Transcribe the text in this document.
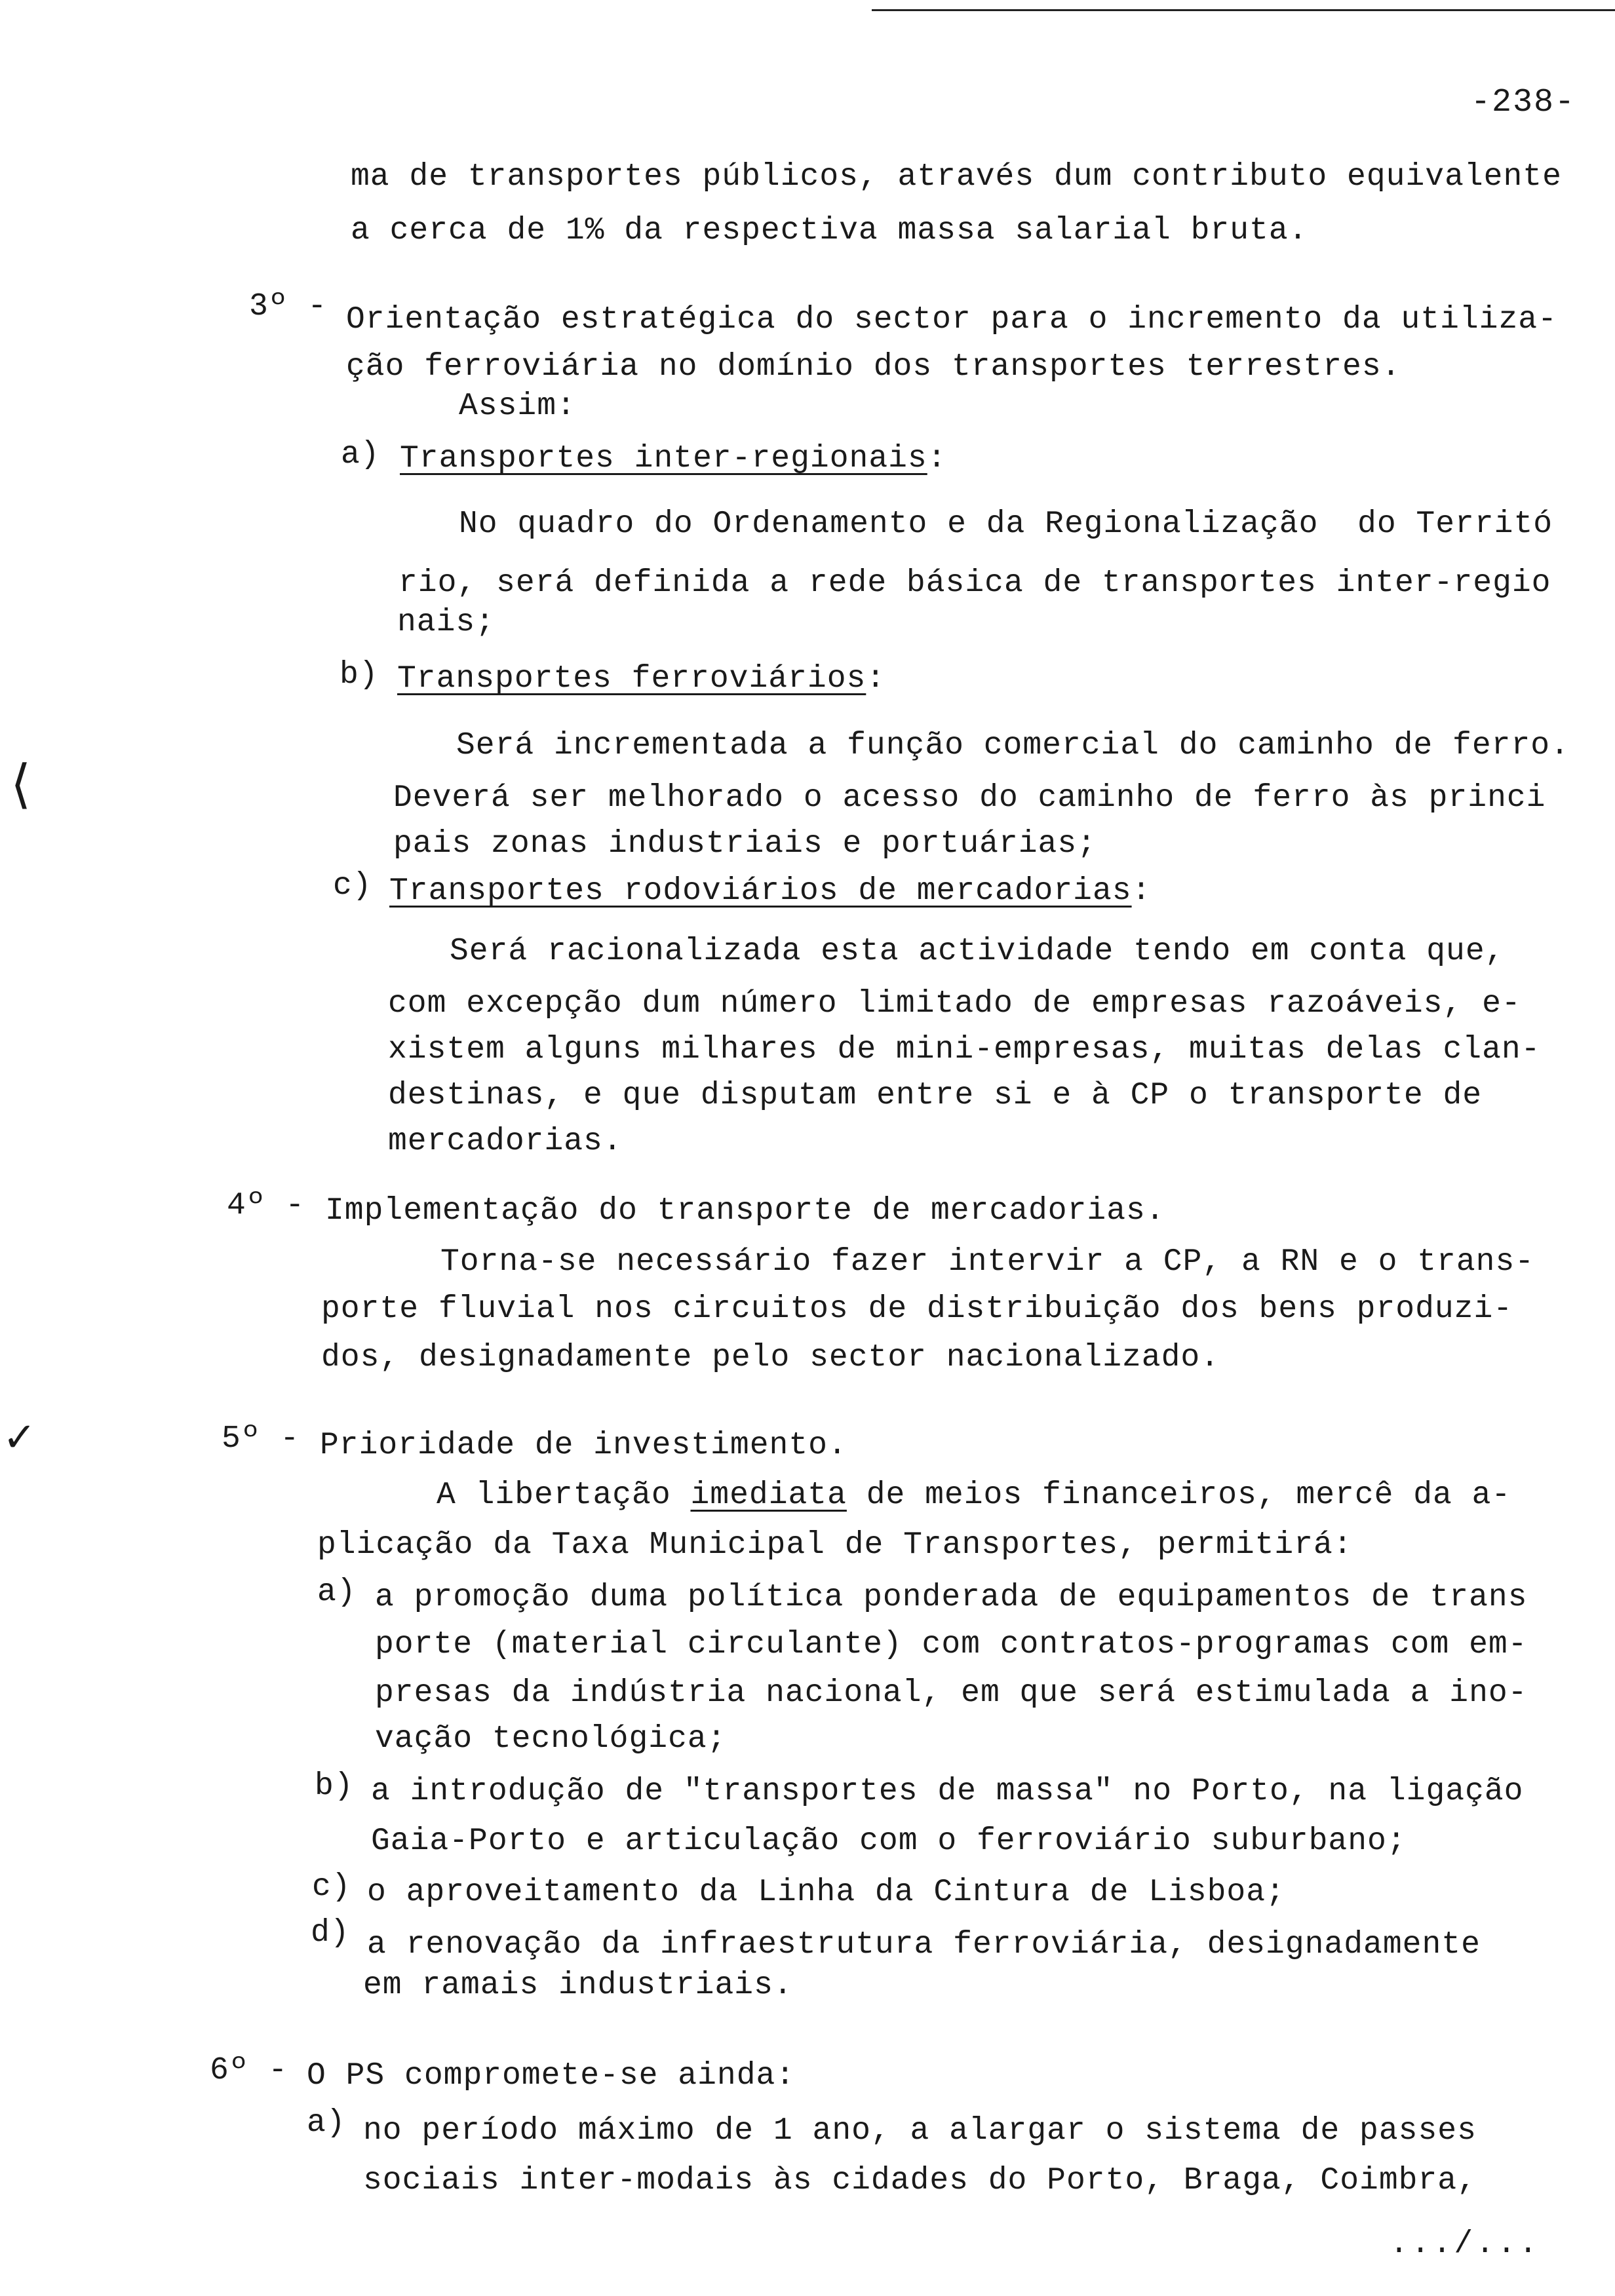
-238-
⟨
✓
ma de transportes públicos, através dum contributo equivalente
a cerca de 1% da respectiva massa salarial bruta.
3º - Orientação estratégica do sector para o incremento da utiliza-
ção ferroviária no domínio dos transportes terrestres.
Assim:
a) Transportes inter-regionais:
No quadro do Ordenamento e da Regionalização  do Territó
rio, será definida a rede básica de transportes inter-regio
nais;
b) Transportes ferroviários:
Será incrementada a função comercial do caminho de ferro.
Deverá ser melhorado o acesso do caminho de ferro às princi
pais zonas industriais e portuárias;
c) Transportes rodoviários de mercadorias:
Será racionalizada esta actividade tendo em conta que,
com excepção dum número limitado de empresas razoáveis, e-
xistem alguns milhares de mini-empresas, muitas delas clan-
destinas, e que disputam entre si e à CP o transporte de
mercadorias.
4º - Implementação do transporte de mercadorias.
Torna-se necessário fazer intervir a CP, a RN e o trans-
porte fluvial nos circuitos de distribuição dos bens produzi-
dos, designadamente pelo sector nacionalizado.
5º - Prioridade de investimento.
A libertação imediata de meios financeiros, mercê da a-
plicação da Taxa Municipal de Transportes, permitirá:
a) a promoção duma política ponderada de equipamentos de trans
porte (material circulante) com contratos-programas com em-
presas da indústria nacional, em que será estimulada a ino-
vação tecnológica;
b) a introdução de "transportes de massa" no Porto, na ligação
Gaia-Porto e articulação com o ferroviário suburbano;
c) o aproveitamento da Linha da Cintura de Lisboa;
d) a renovação da infraestrutura ferroviária, designadamente
em ramais industriais.
6º - O PS compromete-se ainda:
a) no período máximo de 1 ano, a alargar o sistema de passes
sociais inter-modais às cidades do Porto, Braga, Coimbra,
.../...
